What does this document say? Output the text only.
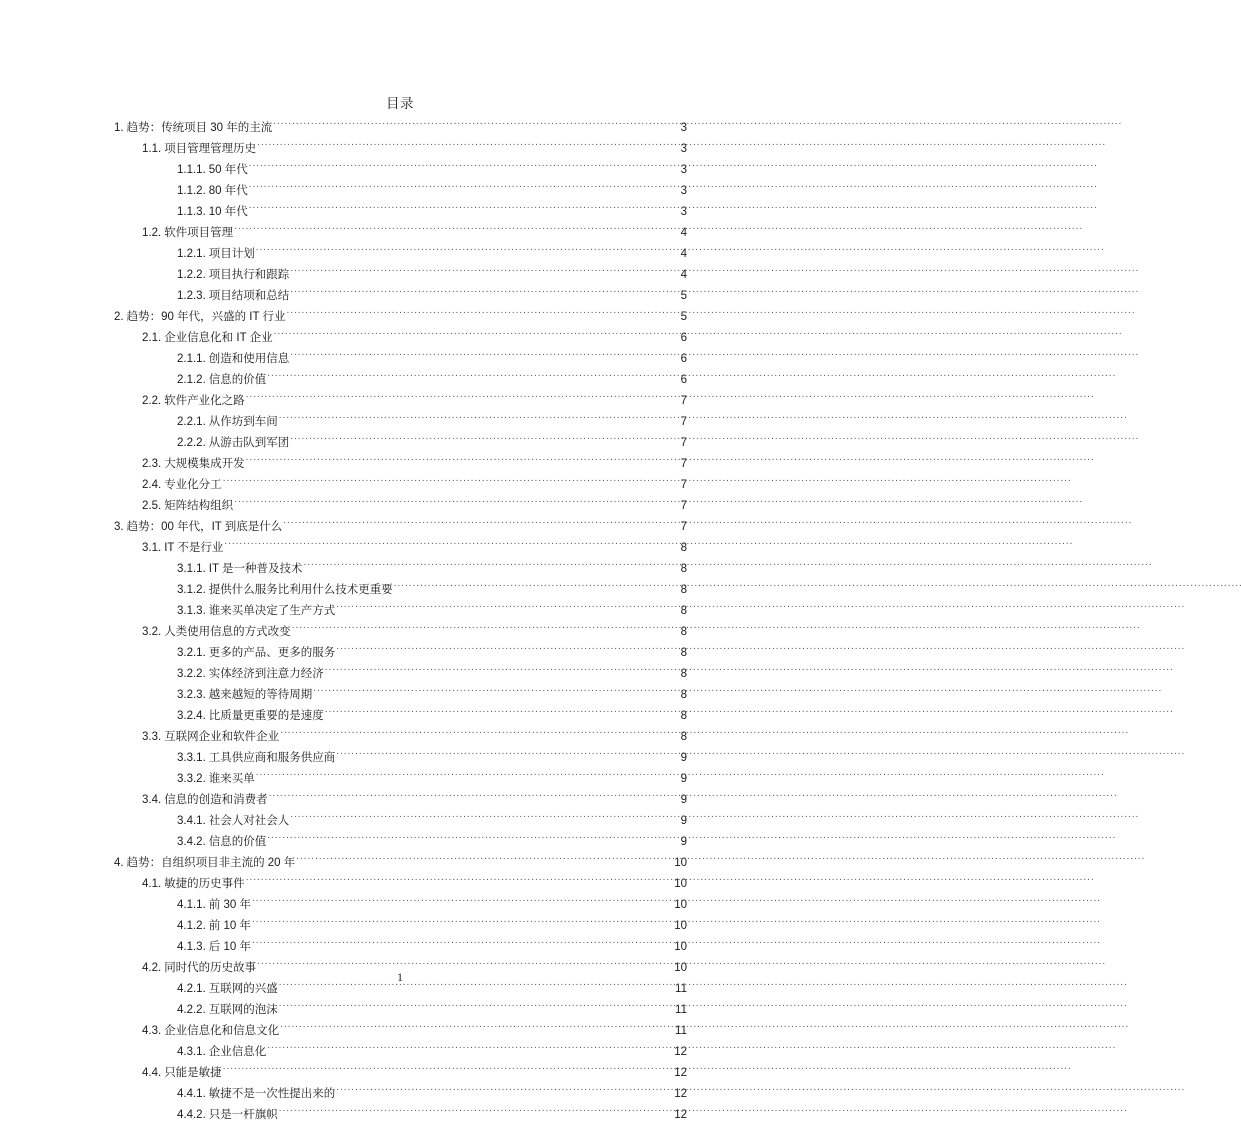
目录
1. 趋势：传统项目 30 年的主流 . . .	3
1.1. 项目管理管理历史 . . .	3
1.1.1. 50 年代 . . .	3
1.1.2. 80 年代 . . .	3
1.1.3. 10 年代 . . .	3
1.2. 软件项目管理 . . .	4
1.2.1. 项目计划 . . .	4
1.2.2. 项目执行和跟踪 . . .	4
1.2.3. 项目结项和总结 . . .	5
2. 趋势：90 年代，兴盛的 IT 行业 . . .	5
2.1. 企业信息化和 IT 企业 . . .	6
2.1.1. 创造和使用信息 . . .	6
2.1.2. 信息的价值 . . .	6
2.2. 软件产业化之路 . . .	7
2.2.1. 从作坊到车间 . . .	7
2.2.2. 从游击队到军团 . . .	7
2.3. 大规模集成开发 . . .	7
2.4. 专业化分工 . . .	7
2.5. 矩阵结构组织 . . .	7
3. 趋势：00 年代，IT 到底是什么 . . .	7
3.1. IT 不是行业 . . .	8
3.1.1. IT 是一种普及技术 . . .	8
3.1.2. 提供什么服务比利用什么技术更重要 . . .	8
3.1.3. 谁来买单决定了生产方式 . . .	8
3.2. 人类使用信息的方式改变 . . .	8
3.2.1. 更多的产品、更多的服务 . . .	8
3.2.2. 实体经济到注意力经济 . . .	8
3.2.3. 越来越短的等待周期 . . .	8
3.2.4. 比质量更重要的是速度 . . .	8
3.3. 互联网企业和软件企业 . . .	8
3.3.1. 工具供应商和服务供应商 . . .	9
3.3.2. 谁来买单 . . .	9
3.4. 信息的创造和消费者 . . .	9
3.4.1. 社会人对社会人 . . .	9
3.4.2. 信息的价值 . . .	9
4. 趋势：自组织项目非主流的 20 年 . . .	10
4.1. 敏捷的历史事件 . . .	10
4.1.1. 前 30 年 . . .	10
4.1.2. 前 10 年 . . .	10
4.1.3. 后 10 年 . . .	10
4.2. 同时代的历史故事 . . .	10
4.2.1. 互联网的兴盛 . . .	11
4.2.2. 互联网的泡沫 . . .	11
4.3. 企业信息化和信息文化 . . .	11
4.3.1. 企业信息化 . . .	12
4.4. 只能是敏捷 . . .	12
4.4.1. 敏捷不是一次性提出来的 . . .	12
4.4.2. 只是一杆旗帜 . . .	12
1
